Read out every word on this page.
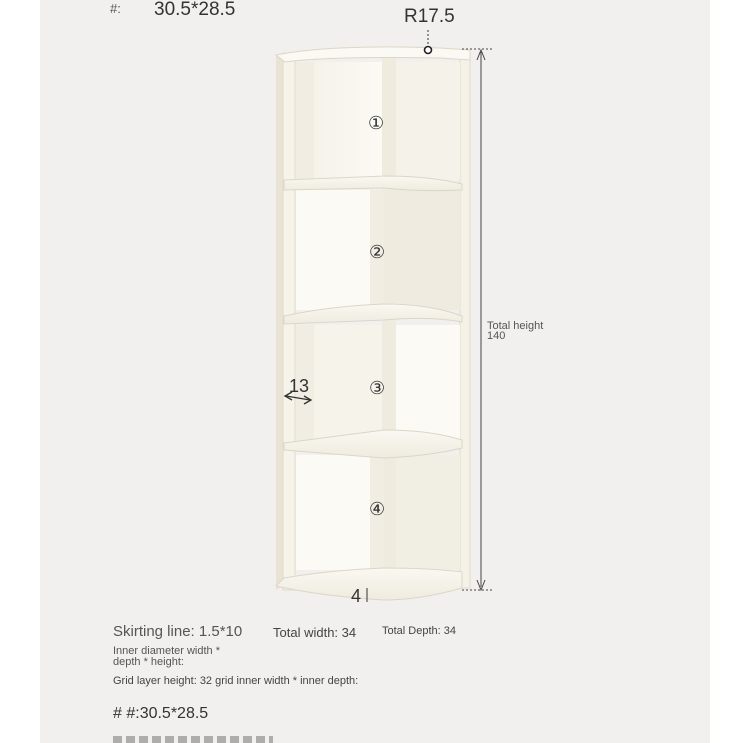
#: 30.5*28.5	R17.5
①
②
③
④
13
4
Total height
140
Skirting line: 1.5*10 Total width: 34 Total Depth: 34
Inner diameter width *
depth * height:
Grid layer height: 32 grid inner width * inner depth:
# #:30.5*28.5
